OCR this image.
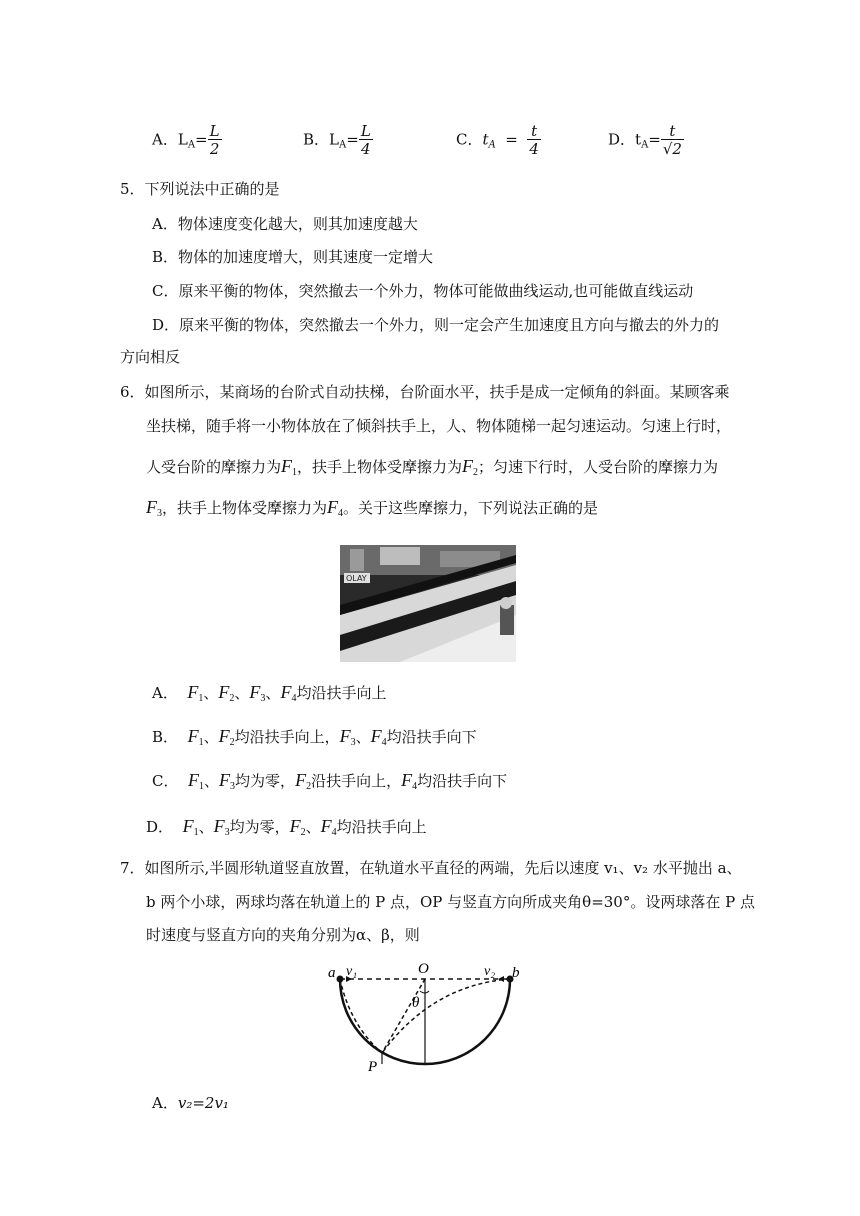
A．$L_A= \frac{L}{2}$	B．$L_A= \frac{L}{4}$	C．$t_A = \frac{t}{4}$	D．$t_A= \frac{t}{√2}$
5．下列说法中正确的是
A．物体速度变化越大，则其加速度越大
B．物体的加速度增大，则其速度一定增大
C．原来平衡的物体，突然撤去一个外力，物体可能做曲线运动,也可能做直线运动
D．原来平衡的物体，突然撤去一个外力，则一定会产生加速度且方向与撤去的外力的
方向相反
6．如图所示，某商场的台阶式自动扶梯，台阶面水平，扶手是成一定倾角的斜面。某顾客乘
坐扶梯，随手将一小物体放在了倾斜扶手上，人、物体随梯一起匀速运动。匀速上行时，
人受台阶的摩擦力为$F_1$，扶手上物体受摩擦力为$F_2$；匀速下行时，人受台阶的摩擦力为
$F_3$，扶手上物体受摩擦力为$F_4$。关于这些摩擦力，下列说法正确的是
OLAY
A． $F_1$、$F_2$、$F_3$、$F_4$均沿扶手向上
B． $F_1$、$F_2$均沿扶手向上，$F_3$、$F_4$均沿扶手向下
C． $F_1$、$F_3$均为零，$F_2$沿扶手向上，$F_4$均沿扶手向下
D． $F_1$、$F_3$均为零，$F_2$、$F_4$均沿扶手向上
7．如图所示,半圆形轨道竖直放置，在轨道水平直径的两端，先后以速度 v₁、v₂ 水平抛出 a、
b 两个小球，两球均落在轨道上的 P 点，OP 与竖直方向所成夹角θ=30°。设两球落在 P 点
时速度与竖直方向的夹角分别为α、β，则
a v₁	O	v₂ b
θ
P
A．v₂=2v₁
